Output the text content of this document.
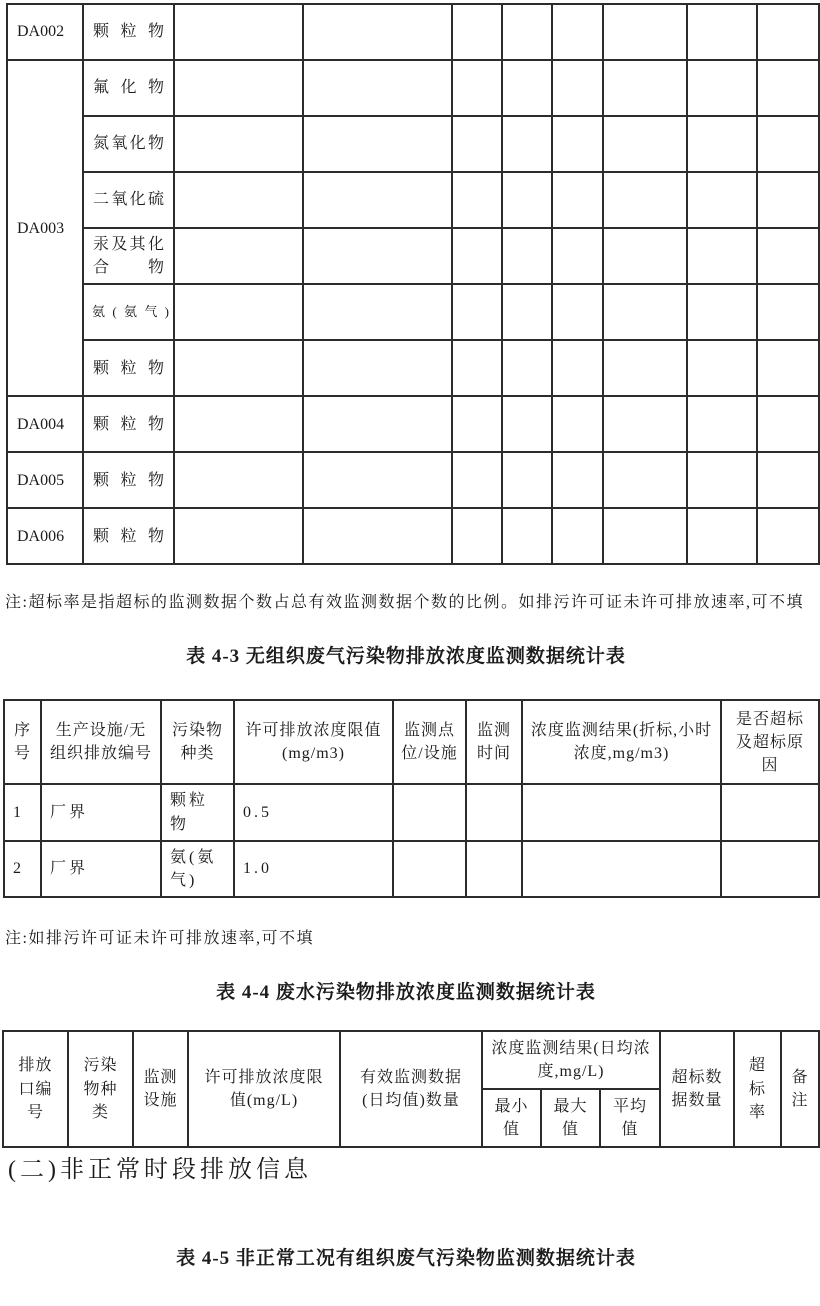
DA002	颗粒物								
DA003	氟化物								
	氮氧化物								
	二氧化硫								
	汞及其化合物								
	氨(氨气)								
	颗粒物								
DA004	颗粒物								
DA005	颗粒物								
DA006	颗粒物								

注:超标率是指超标的监测数据个数占总有效监测数据个数的比例。如排污许可证未许可排放速率,可不填

表 4-3 无组织废气污染物排放浓度监测数据统计表
序号	生产设施/无组织排放编号	污染物种类	许可排放浓度限值(mg/m3)	监测点位/设施	监测时间	浓度监测结果(折标,小时浓度,mg/m3)	是否超标及超标原因
1	厂界	颗粒物	0.5				
2	厂界	氨(氨气)	1.0				

注:如排污许可证未许可排放速率,可不填

表 4-4 废水污染物排放浓度监测数据统计表
排放口编号	污染物种类	监测设施	许可排放浓度限值(mg/L)	有效监测数据(日均值)数量	浓度监测结果(日均浓度,mg/L)			超标数据数量	超标率	备注
					最小值	最大值	平均值			
(二)非正常时段排放信息
表 4-5 非正常工况有组织废气污染物监测数据统计表
